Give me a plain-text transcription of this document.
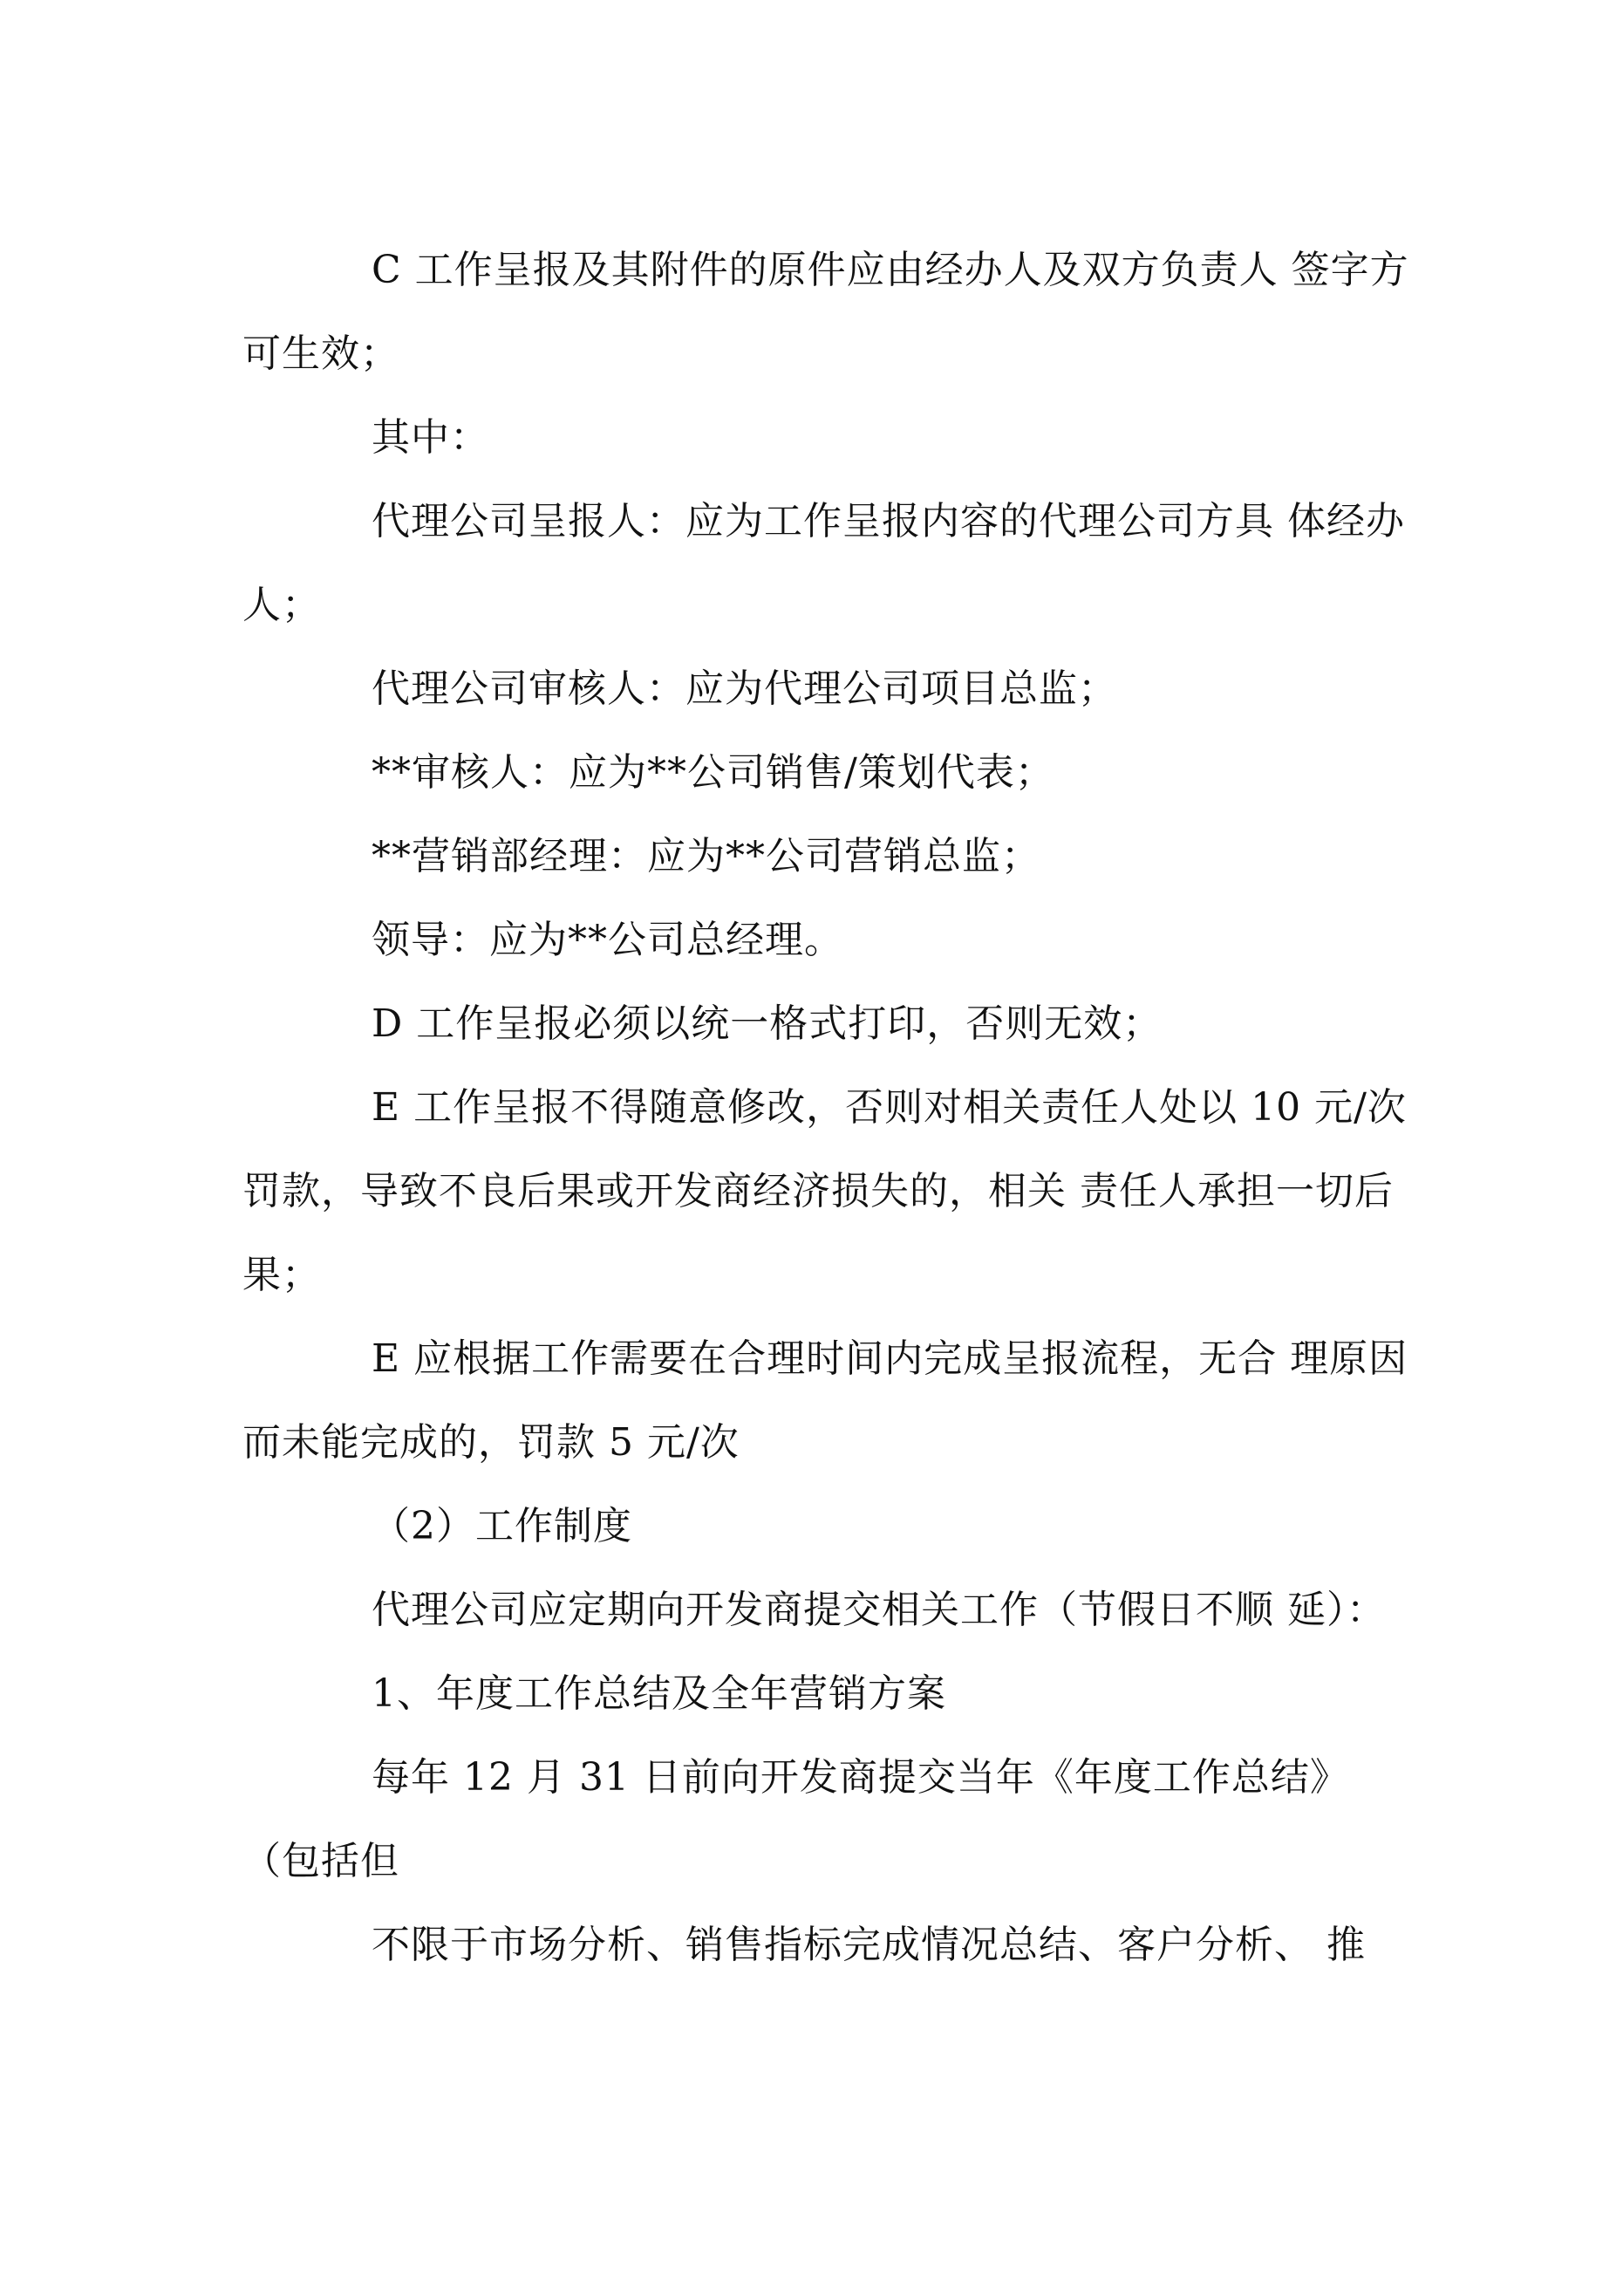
C 工作呈报及其附件的原件应由经办人及双方负责人 签字方可生效；

其中：

代理公司呈报人：应为工作呈报内容的代理公司方具 体经办人；

代理公司审核人：应为代理公司项目总监；

**审核人：应为**公司销售/策划代表；

**营销部经理：应为**公司营销总监；

领导：应为**公司总经理。

D 工作呈报必须以统一格式打印，否则无效；

E 工作呈报不得随意修改，否则对相关责任人处以 10 元/次罚款，导致不良后果或开发商经济损失的，相关 责任人承担一切后果；

E 应根据工作需要在合理时间内完成呈报流程，无合 理原因而未能完成的，罚款 5 元/次

（2）工作制度

代理公司应定期向开发商提交相关工作（节假日不顺 延）：

1、年度工作总结及全年营销方案

每年 12 月 31 日前向开发商提交当年《年度工作总结》 （包括但

不限于市场分析、销售指标完成情况总结、客户分析、 推
